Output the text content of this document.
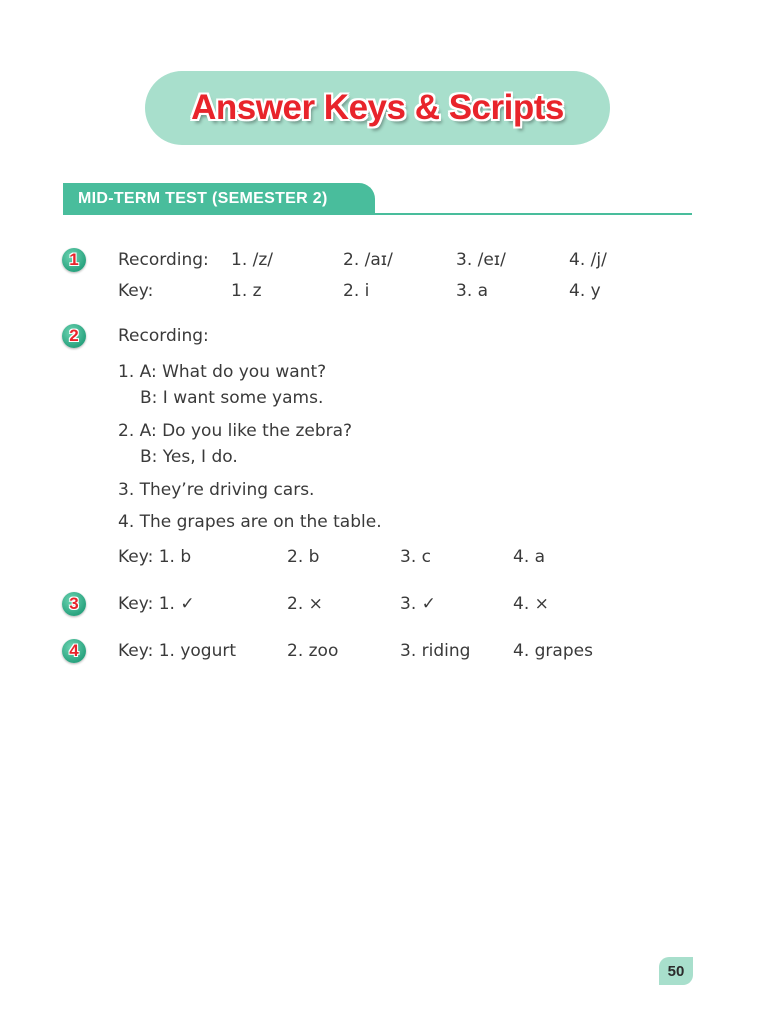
Answer Keys & Scripts
MID-TERM TEST (SEMESTER 2)
1	Recording: 1. /z/	2. /aɪ/	3. /eɪ/	4. /j/
Key:	1. z	2. i	3. a	4. y
2	Recording:
1. A: What do you want?
B: I want some yams.
2. A: Do you like the zebra?
B: Yes, I do.
3. They’re driving cars.
4. The grapes are on the table.
Key: 1. b	2. b	3. c	4. a
3	Key: 1. ✓	2. ×	3. ✓	4. ×
4	Key: 1. yogurt	2. zoo	3. riding	4. grapes
50
